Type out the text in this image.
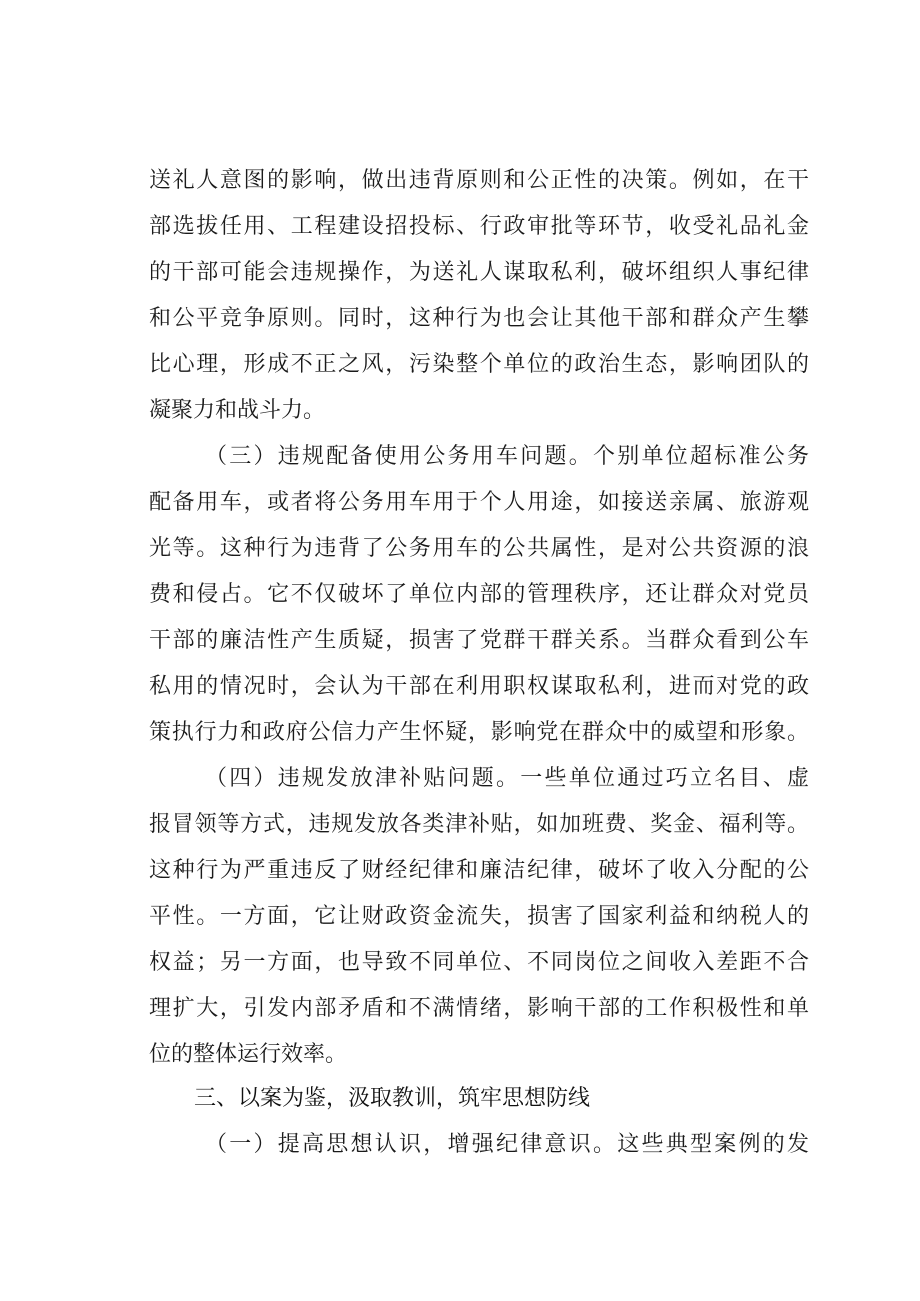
送礼人意图的影响，做出违背原则和公正性的决策。例如，在干
部选拔任用、工程建设招投标、行政审批等环节，收受礼品礼金
的干部可能会违规操作，为送礼人谋取私利，破坏组织人事纪律
和公平竞争原则。同时，这种行为也会让其他干部和群众产生攀
比心理，形成不正之风，污染整个单位的政治生态，影响团队的
凝聚力和战斗力。
（三）违规配备使用公务用车问题。个别单位超标准公务
配备用车，或者将公务用车用于个人用途，如接送亲属、旅游观
光等。这种行为违背了公务用车的公共属性，是对公共资源的浪
费和侵占。它不仅破坏了单位内部的管理秩序，还让群众对党员
干部的廉洁性产生质疑，损害了党群干群关系。当群众看到公车
私用的情况时，会认为干部在利用职权谋取私利，进而对党的政
策执行力和政府公信力产生怀疑，影响党在群众中的威望和形象。
（四）违规发放津补贴问题。一些单位通过巧立名目、虚
报冒领等方式，违规发放各类津补贴，如加班费、奖金、福利等。
这种行为严重违反了财经纪律和廉洁纪律，破坏了收入分配的公
平性。一方面，它让财政资金流失，损害了国家利益和纳税人的
权益；另一方面，也导致不同单位、不同岗位之间收入差距不合
理扩大，引发内部矛盾和不满情绪，影响干部的工作积极性和单
位的整体运行效率。
三、以案为鉴，汲取教训，筑牢思想防线
（一）提高思想认识，增强纪律意识。这些典型案例的发
